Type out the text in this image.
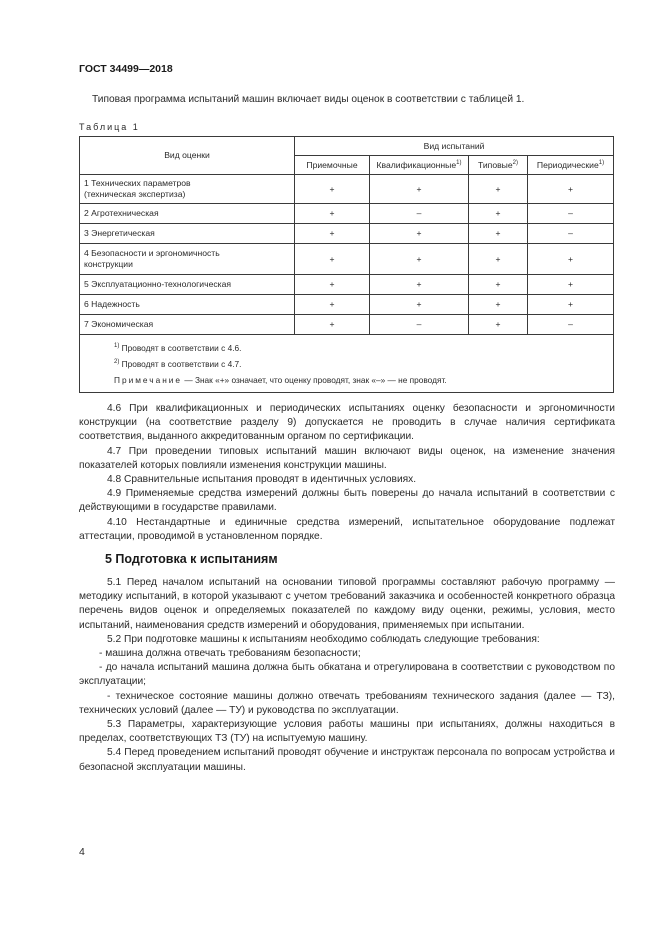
ГОСТ 34499—2018
Типовая программа испытаний машин включает виды оценок в соответствии с таблицей 1.
Таблица 1
Вид оценки	Вид испытаний			
	Приемочные	Квалификационные$^{1)}$	Типовые$^{2)}$	Периодические$^{1)}$
1 Технических параметров
(техническая экспертиза)	+	+	+	+
2 Агротехническая	+	–	+	–
3 Энергетическая	+	+	+	–
4 Безопасности и эргономичность
конструкции	+	+	+	+
5 Эксплуатационно-технологическая	+	+	+	+
6 Надежность	+	+	+	+
7 Экономическая	+	–	+	–

$^{1)}$ Проводят в соответствии с 4.6.
$^{2)}$ Проводят в соответствии с 4.7.
Примечание — Знак «+» означает, что оценку проводят, знак «–» — не проводят.				

4.6 При квалификационных и периодических испытаниях оценку безопасности и эргономичности конструкции (на соответствие разделу 9) допускается не проводить в случае наличия сертификата соответствия, выданного аккредитованным органом по сертификации.

4.7 При проведении типовых испытаний машин включают виды оценок, на изменение значения показателей которых повлияли изменения конструкции машины.

4.8 Сравнительные испытания проводят в идентичных условиях.

4.9 Применяемые средства измерений должны быть поверены до начала испытаний в соответствии с действующими в государстве правилами.

4.10 Нестандартные и единичные средства измерений, испытательное оборудование подлежат аттестации, проводимой в установленном порядке.

5 Подготовка к испытаниям

5.1 Перед началом испытаний на основании типовой программы составляют рабочую программу — методику испытаний, в которой указывают с учетом требований заказчика и особенностей конкретного образца перечень видов оценок и определяемых показателей по каждому виду оценки, режимы, условия, место испытаний, наименования средств измерений и оборудования, применяемых при испытании.

5.2 При подготовке машины к испытаниям необходимо соблюдать следующие требования:

- машина должна отвечать требованиям безопасности;

- до начала испытаний машина должна быть обкатана и отрегулирована в соответствии с руководством по эксплуатации;

- техническое состояние машины должно отвечать требованиям технического задания (далее — ТЗ), технических условий (далее — ТУ) и руководства по эксплуатации.

5.3 Параметры, характеризующие условия работы машины при испытаниях, должны находиться в пределах, соответствующих ТЗ (ТУ) на испытуемую машину.

5.4 Перед проведением испытаний проводят обучение и инструктаж персонала по вопросам устройства и безопасной эксплуатации машины.

4
